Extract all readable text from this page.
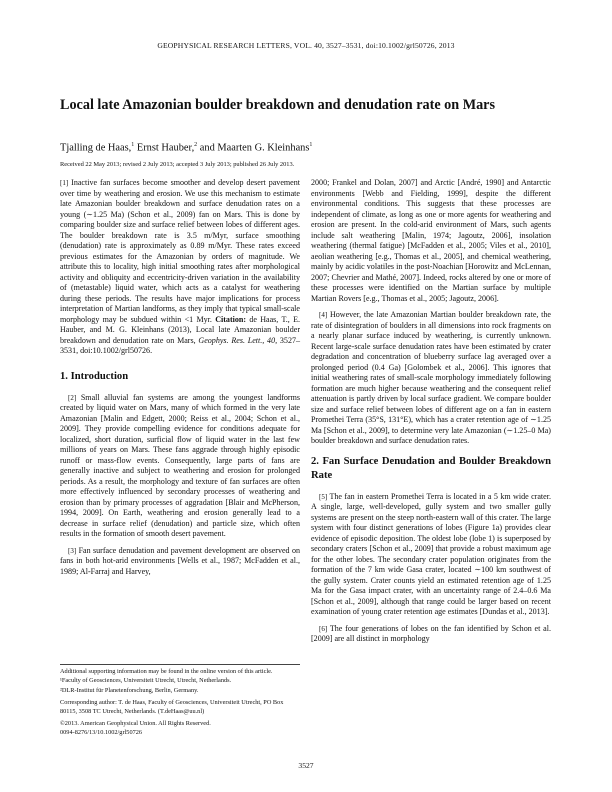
GEOPHYSICAL RESEARCH LETTERS, VOL. 40, 3527–3531, doi:10.1002/grl50726, 2013
Local late Amazonian boulder breakdown and denudation rate on Mars
Tjalling de Haas,$^1$ Ernst Hauber,$^2$ and Maarten G. Kleinhans$^1$
Received 22 May 2013; revised 2 July 2013; accepted 3 July 2013; published 26 July 2013.

[1] Inactive fan surfaces become smoother and develop desert pavement over time by weathering and erosion. We use this mechanism to estimate late Amazonian boulder breakdown and surface denudation rates on a young (∼1.25 Ma) (Schon et al., 2009) fan on Mars. This is done by comparing boulder size and surface relief between lobes of different ages. The boulder breakdown rate is 3.5 m/Myr, surface smoothing (denudation) rate is approximately as 0.89 m/Myr. These rates exceed previous estimates for the Amazonian by orders of magnitude. We attribute this to locality, high initial smoothing rates after morphological activity and obliquity and eccentricity-driven variation in the availability of (metastable) liquid water, which acts as a catalyst for weathering during these periods. The results have major implications for process interpretation of Martian landforms, as they imply that typical small-scale morphology may be subdued within <1 Myr. Citation: de Haas, T., E. Hauber, and M. G. Kleinhans (2013), Local late Amazonian boulder breakdown and denudation rate on Mars, Geophys. Res. Lett., 40, 3527–3531, doi:10.1002/grl50726.

1. Introduction

[2] Small alluvial fan systems are among the youngest landforms created by liquid water on Mars, many of which formed in the very late Amazonian [Malin and Edgett, 2000; Reiss et al., 2004; Schon et al., 2009]. They provide compelling evidence for conditions adequate for localized, short duration, surficial flow of liquid water in the last few millions of years on Mars. These fans aggrade through highly episodic runoff or mass-flow events. Consequently, large parts of fans are generally inactive and subject to weathering and erosion for prolonged periods. As a result, the morphology and texture of fan surfaces are often more effectively influenced by secondary processes of weathering and erosion than by primary processes of aggradation [Blair and McPherson, 1994, 2009]. On Earth, weathering and erosion generally lead to a decrease in surface relief (denudation) and particle size, which often results in the formation of smooth desert pavement.

[3] Fan surface denudation and pavement development are observed on fans in both hot-arid environments [Wells et al., 1987; McFadden et al., 1989; Al-Farraj and Harvey,

2000; Frankel and Dolan, 2007] and Arctic [André, 1990] and Antarctic environments [Webb and Fielding, 1999], despite the different environmental conditions. This suggests that these processes are independent of climate, as long as one or more agents for weathering and erosion are present. In the cold-arid environment of Mars, such agents include salt weathering [Malin, 1974; Jagoutz, 2006], insolation weathering (thermal fatigue) [McFadden et al., 2005; Viles et al., 2010], aeolian weathering [e.g., Thomas et al., 2005], and chemical weathering, mainly by acidic volatiles in the post-Noachian [Horowitz and McLennan, 2007; Chevrier and Mathé, 2007]. Indeed, rocks altered by one or more of these processes were identified on the Martian surface by multiple Martian Rovers [e.g., Thomas et al., 2005; Jagoutz, 2006].

[4] However, the late Amazonian Martian boulder breakdown rate, the rate of disintegration of boulders in all dimensions into rock fragments on a nearly planar surface induced by weathering, is currently unknown. Recent large-scale surface denudation rates have been estimated by crater degradation and concentration of blueberry surface lag averaged over a prolonged period (0.4 Ga) [Golombek et al., 2006]. This ignores that initial weathering rates of small-scale morphology immediately following formation are much higher because weathering and the consequent relief attenuation is partly driven by local surface gradient. We compare boulder size and surface relief between lobes of different age on a fan in eastern Promethei Terra (35°S, 131°E), which has a crater retention age of ∼1.25 Ma [Schon et al., 2009], to determine very late Amazonian (∼1.25–0 Ma) boulder breakdown and surface denudation rates.

2. Fan Surface Denudation and Boulder Breakdown Rate

[5] The fan in eastern Promethei Terra is located in a 5 km wide crater. A single, large, well-developed, gully system and two smaller gully systems are present on the steep north-eastern wall of this crater. The large system with four distinct generations of lobes (Figure 1a) provides clear evidence of episodic deposition. The oldest lobe (lobe 1) is superposed by secondary craters [Schon et al., 2009] that provide a robust maximum age for the other lobes. The secondary crater population originates from the formation of the 7 km wide Gasa crater, located ∼100 km southwest of the gully system. Crater counts yield an estimated retention age of 1.25 Ma for the Gasa impact crater, with an uncertainty range of 2.4–0.6 Ma [Schon et al., 2009], although that range could be larger based on recent examination of young crater retention age estimates [Dundas et al., 2013].

[6] The four generations of lobes on the fan identified by Schon et al. [2009] are all distinct in morphology

Additional supporting information may be found in the online version of this article.
¹Faculty of Geosciences, Universiteit Utrecht, Utrecht, Netherlands.
²DLR-Institut für Planetenforschung, Berlin, Germany.
Corresponding author: T. de Haas, Faculty of Geosciences, Universiteit Utrecht, PO Box 80115, 3508 TC Utrecht, Netherlands. (T.deHaas@uu.nl)
©2013. American Geophysical Union. All Rights Reserved.
0094-8276/13/10.1002/grl50726
3527
